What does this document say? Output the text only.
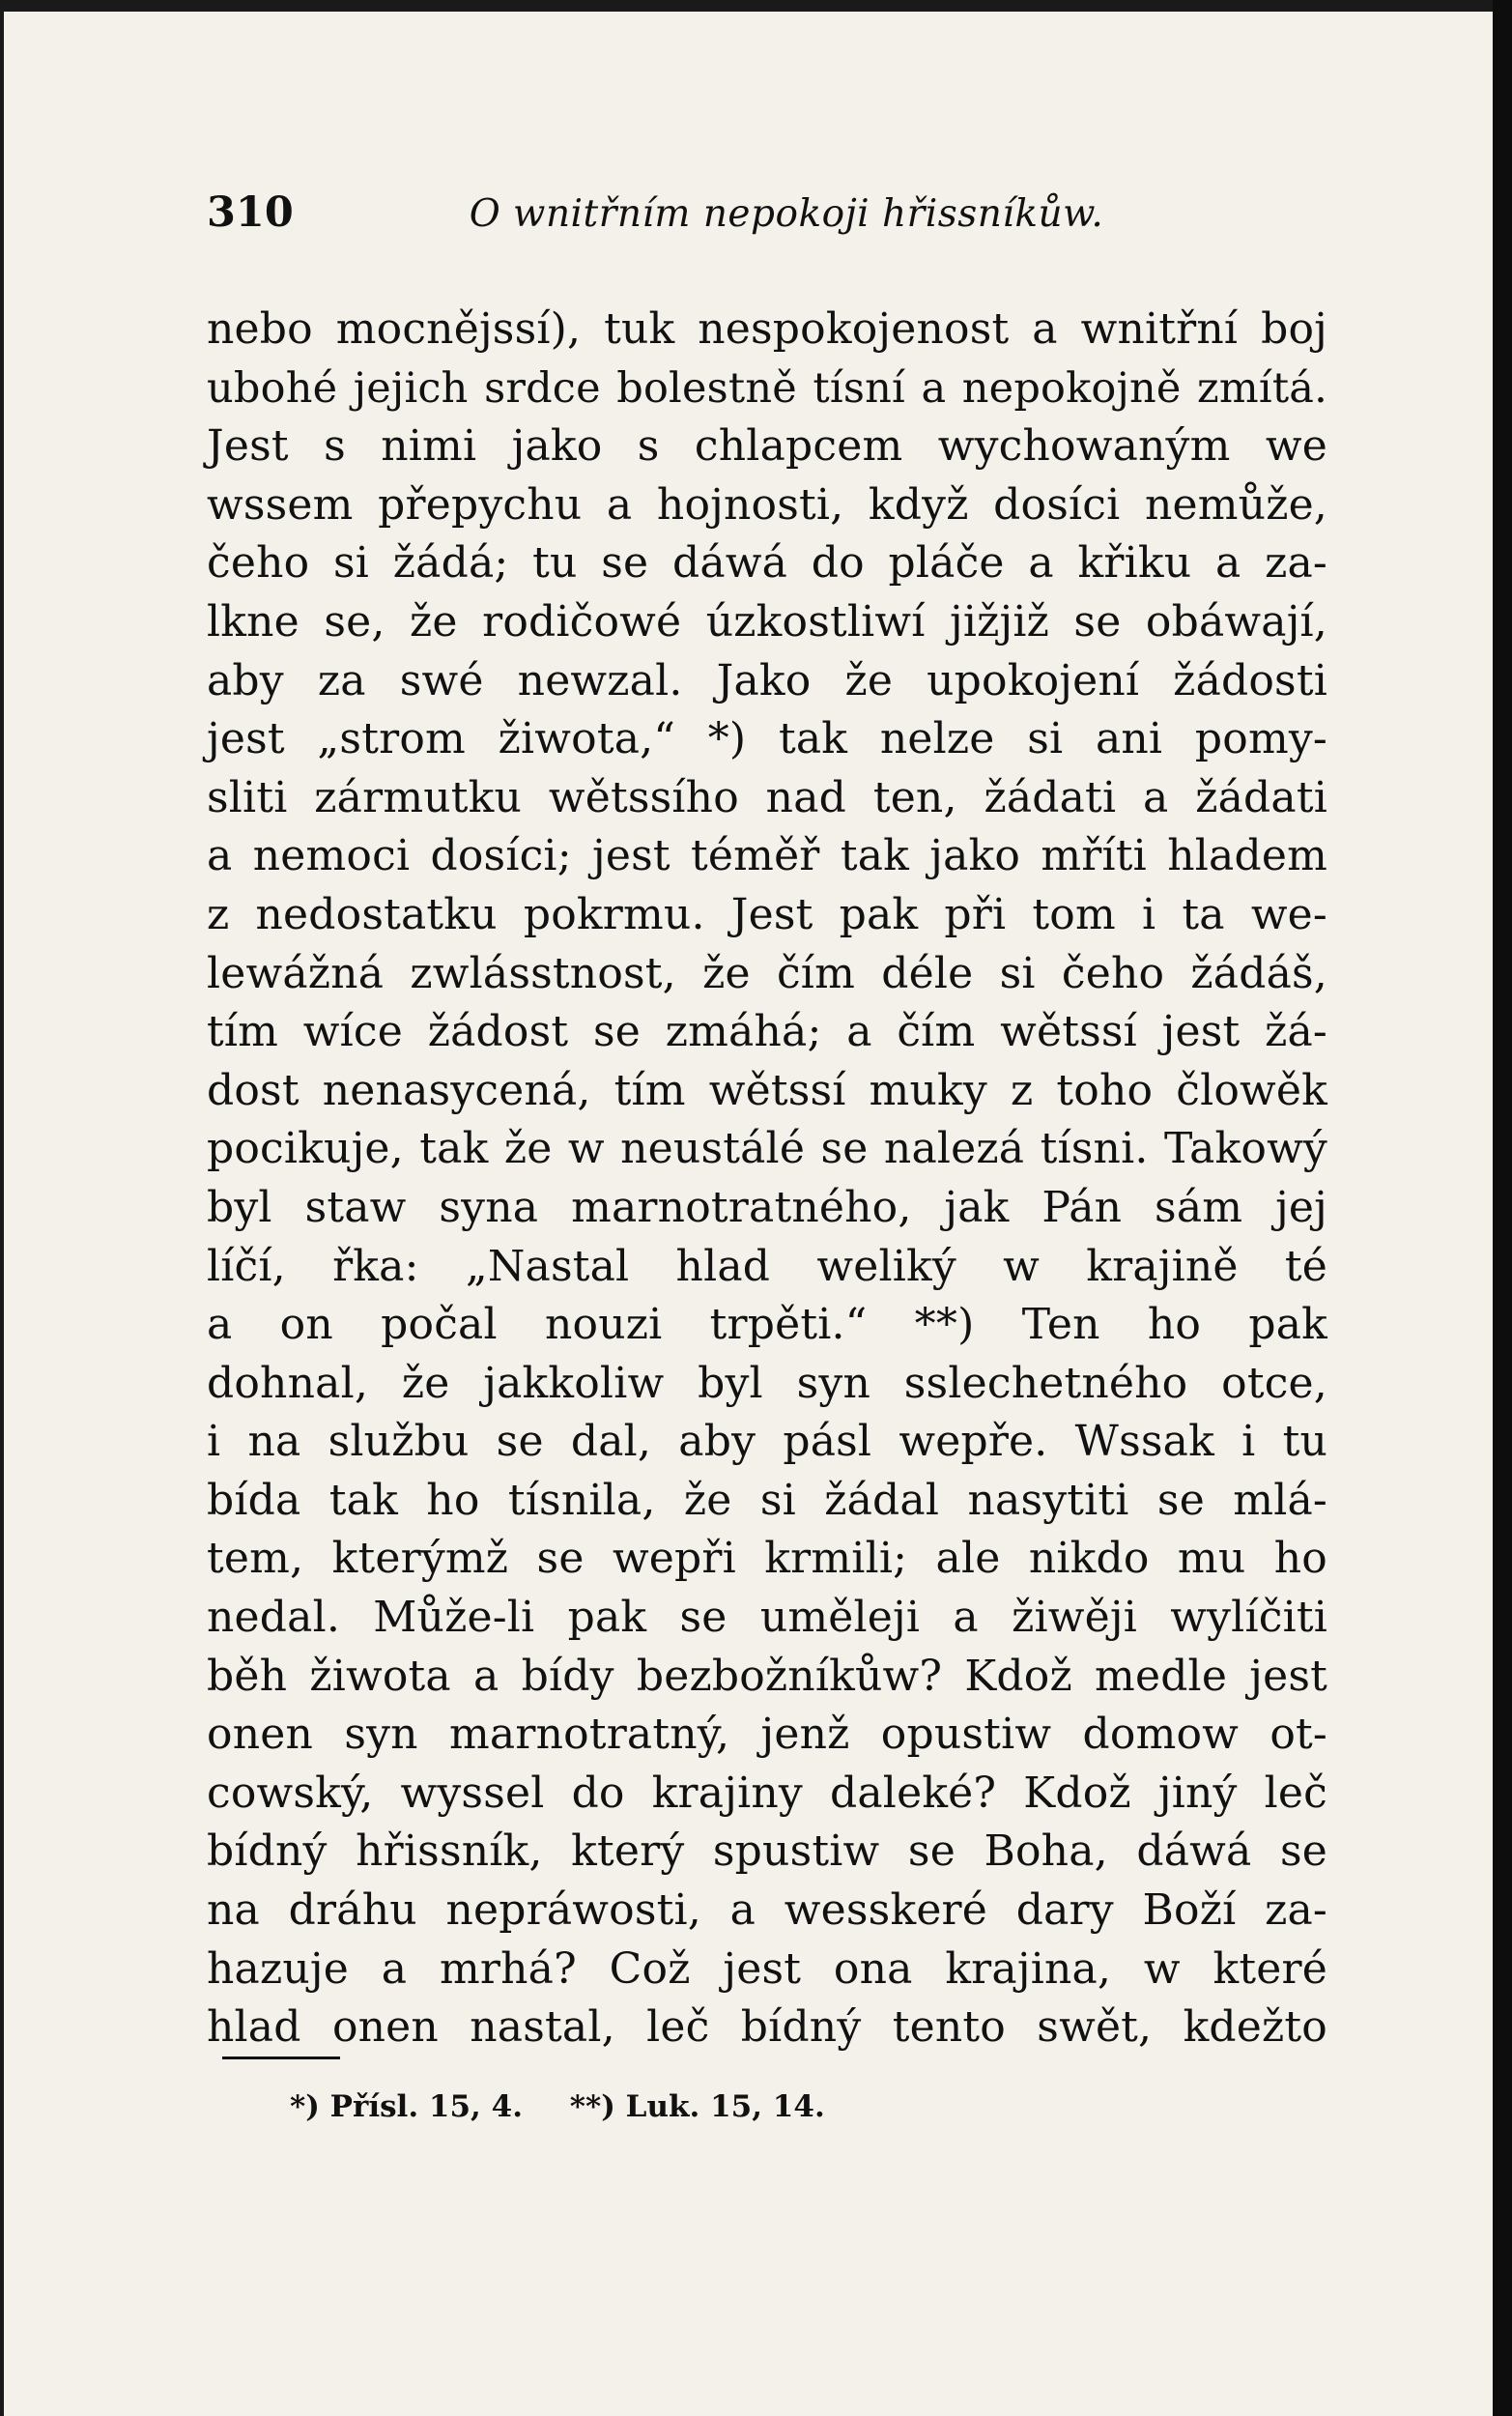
310	O wnitřním nepokoji hřissníkůw.
nebo mocnějssí), tuk nespokojenost a wnitřní boj
ubohé jejich srdce bolestně tísní a nepokojně zmítá.
Jest s nimi jako s chlapcem wychowaným we
wssem přepychu a hojnosti, když dosíci nemůže,
čeho si žádá; tu se dáwá do pláče a křiku a za-
lkne se, že rodičowé úzkostliwí jižjiž se obáwají,
aby za swé newzal. Jako že upokojení žádosti
jest „strom žiwota,“ *) tak nelze si ani pomy-
sliti zármutku wětssího nad ten, žádati a žádati
a nemoci dosíci; jest téměř tak jako mříti hladem
z nedostatku pokrmu. Jest pak při tom i ta we-
lewážná zwlásstnost, že čím déle si čeho žádáš,
tím wíce žádost se zmáhá; a čím wětssí jest žá-
dost nenasycená, tím wětssí muky z toho člowěk
pocikuje, tak že w neustálé se nalezá tísni. Takowý
byl staw syna marnotratného, jak Pán sám jej
líčí, řka: „Nastal hlad weliký w krajině té
a on počal nouzi trpěti.“ **) Ten ho pak
dohnal, že jakkoliw byl syn sslechetného otce,
i na službu se dal, aby pásl wepře. Wssak i tu
bída tak ho tísnila, že si žádal nasytiti se mlá-
tem, kterýmž se wepři krmili; ale nikdo mu ho
nedal. Může-li pak se uměleji a žiwěji wylíčiti
běh žiwota a bídy bezbožníkůw? Kdož medle jest
onen syn marnotratný, jenž opustiw domow ot-
cowský, wyssel do krajiny daleké? Kdož jiný leč
bídný hřissník, který spustiw se Boha, dáwá se
na dráhu nepráwosti, a wesskeré dary Boží za-
hazuje a mrhá? Což jest ona krajina, w které
hlad onen nastal, leč bídný tento swět, kdežto
*) Přísl. 15, 4. **) Luk. 15, 14.
